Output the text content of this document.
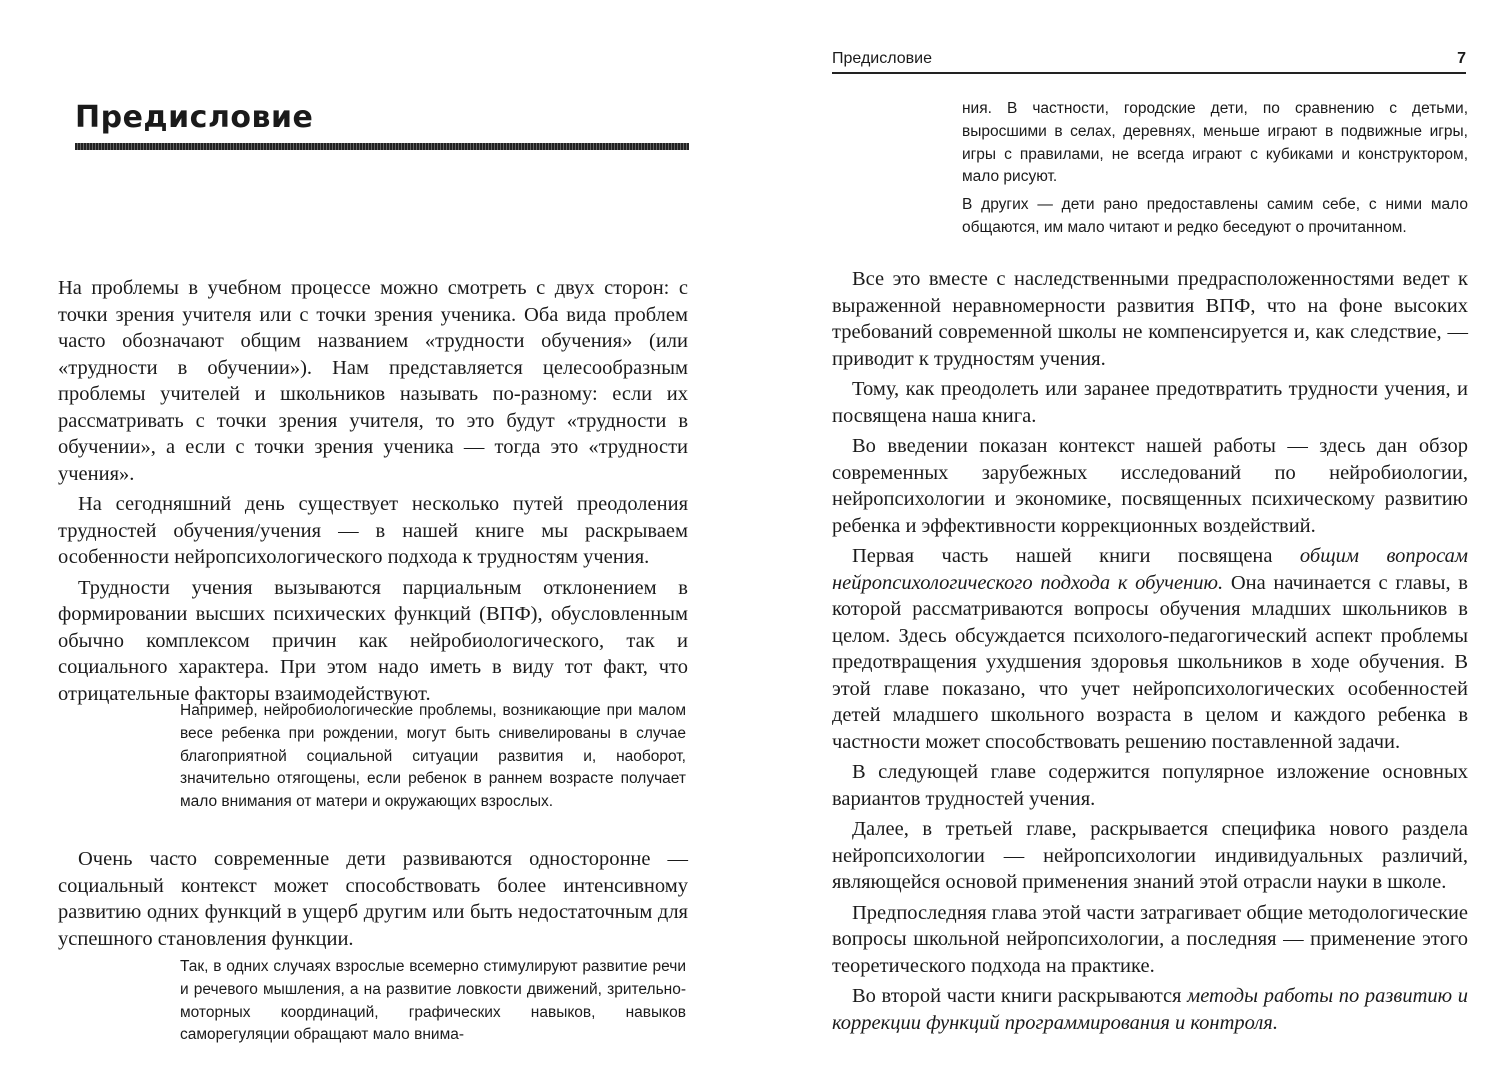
Предисловие

На проблемы в учебном процессе можно смотреть с двух сторон: с точки зрения учителя или с точки зрения ученика. Оба вида проблем часто обозначают общим названием «трудности обучения» (или «трудности в обучении»). Нам представляется целесообразным проблемы учителей и школьников называть по-разному: если их рассматривать с точки зрения учителя, то это будут «трудности в обучении», а если с точки зрения ученика — тогда это «трудности учения».

На сегодняшний день существует несколько путей преодоления трудностей обучения/учения — в нашей книге мы раскрываем особенности нейропсихологического подхода к трудностям учения.

Трудности учения вызываются парциальным отклонением в формировании высших психических функций (ВПФ), обусловленным обычно комплексом причин как нейробиологического, так и социального характера. При этом надо иметь в виду тот факт, что отрицательные факторы взаимодействуют.

Например, нейробиологические проблемы, возникающие при малом весе ребенка при рождении, могут быть снивелированы в случае благоприятной социальной ситуации развития и, наоборот, значительно отягощены, если ребенок в раннем возрасте получает мало внимания от матери и окружающих взрослых.

Очень часто современные дети развиваются односторонне — социальный контекст может способствовать более интенсивному развитию одних функций в ущерб другим или быть недостаточным для успешного становления функции.

Так, в одних случаях взрослые всемерно стимулируют развитие речи и речевого мышления, а на развитие ловкости движений, зрительно-моторных координаций, графических навыков, навыков саморегуляции обращают мало внима-

Предисловие	7

ния. В частности, городские дети, по сравнению с детьми, выросшими в селах, деревнях, меньше играют в подвижные игры, игры с правилами, не всегда играют с кубиками и конструктором, мало рисуют.

В других — дети рано предоставлены самим себе, с ними мало общаются, им мало читают и редко беседуют о прочитанном.

Все это вместе с наследственными предрасположенностями ведет к выраженной неравномерности развития ВПФ, что на фоне высоких требований современной школы не компенсируется и, как следствие, — приводит к трудностям учения.

Тому, как преодолеть или заранее предотвратить трудности учения, и посвящена наша книга.

Во введении показан контекст нашей работы — здесь дан обзор современных зарубежных исследований по нейробиологии, нейропсихологии и экономике, посвященных психическому развитию ребенка и эффективности коррекционных воздействий.

Первая часть нашей книги посвящена общим вопросам нейропсихологического подхода к обучению. Она начинается с главы, в которой рассматриваются вопросы обучения младших школьников в целом. Здесь обсуждается психолого-педагогический аспект проблемы предотвращения ухудшения здоровья школьников в ходе обучения. В этой главе показано, что учет нейропсихологических особенностей детей младшего школьного возраста в целом и каждого ребенка в частности может способствовать решению поставленной задачи.

В следующей главе содержится популярное изложение основных вариантов трудностей учения.

Далее, в третьей главе, раскрывается специфика нового раздела нейропсихологии — нейропсихологии индивидуальных различий, являющейся основой применения знаний этой отрасли науки в школе.

Предпоследняя глава этой части затрагивает общие методологические вопросы школьной нейропсихологии, а последняя — применение этого теоретического подхода на практике.

Во второй части книги раскрываются методы работы по развитию и коррекции функций программирования и контроля.
